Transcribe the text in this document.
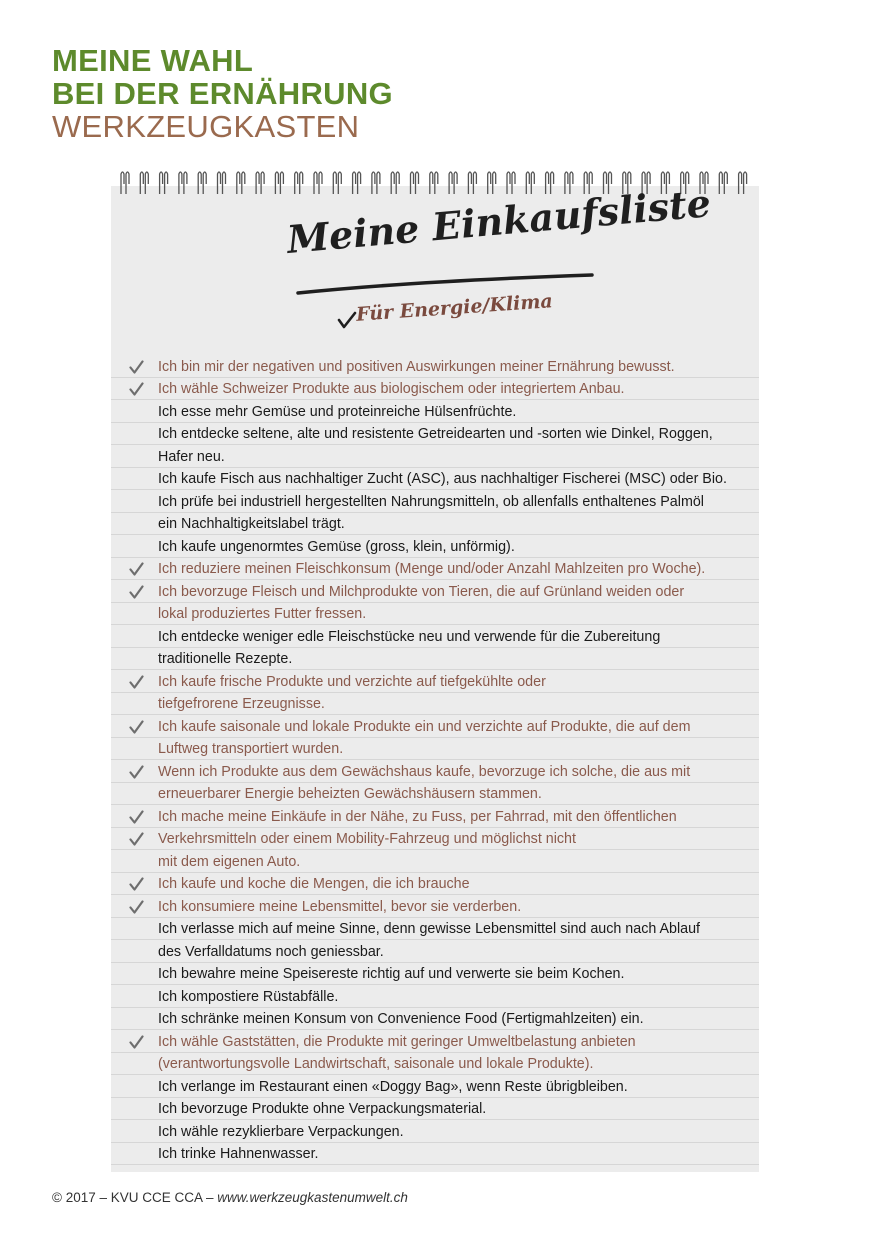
MEINE WAHL
BEI DER ERNÄHRUNG
WERKZEUGKASTEN
Meine Einkaufsliste
Für Energie/Klima
Ich bin mir der negativen und positiven Auswirkungen meiner Ernährung bewusst.
Ich wähle Schweizer Produkte aus biologischem oder integriertem Anbau.
Ich esse mehr Gemüse und proteinreiche Hülsenfrüchte.
Ich entdecke seltene, alte und resistente Getreidearten und -sorten wie Dinkel, Roggen,
Hafer neu.
Ich kaufe Fisch aus nachhaltiger Zucht (ASC), aus nachhaltiger Fischerei (MSC) oder Bio.
Ich prüfe bei industriell hergestellten Nahrungsmitteln, ob allenfalls enthaltenes Palmöl
ein Nachhaltigkeitslabel trägt.
Ich kaufe ungenormtes Gemüse (gross, klein, unförmig).
Ich reduziere meinen Fleischkonsum (Menge und/oder Anzahl Mahlzeiten pro Woche).
Ich bevorzuge Fleisch und Milchprodukte von Tieren, die auf Grünland weiden oder
lokal produziertes Futter fressen.
Ich entdecke weniger edle Fleischstücke neu und verwende für die Zubereitung
traditionelle Rezepte.
Ich kaufe frische Produkte und verzichte auf tiefgekühlte oder
tiefgefrorene Erzeugnisse.
Ich kaufe saisonale und lokale Produkte ein und verzichte auf Produkte, die auf dem
Luftweg transportiert wurden.
Wenn ich Produkte aus dem Gewächshaus kaufe, bevorzuge ich solche, die aus mit
erneuerbarer Energie beheizten Gewächshäusern stammen.
Ich mache meine Einkäufe in der Nähe, zu Fuss, per Fahrrad, mit den öffentlichen
Verkehrsmitteln oder einem Mobility-Fahrzeug und möglichst nicht
mit dem eigenen Auto.
Ich kaufe und koche die Mengen, die ich brauche
Ich konsumiere meine Lebensmittel, bevor sie verderben.
Ich verlasse mich auf meine Sinne, denn gewisse Lebensmittel sind auch nach Ablauf
des Verfalldatums noch geniessbar.
Ich bewahre meine Speisereste richtig auf und verwerte sie beim Kochen.
Ich kompostiere Rüstabfälle.
Ich schränke meinen Konsum von Convenience Food (Fertigmahlzeiten) ein.
Ich wähle Gaststätten, die Produkte mit geringer Umweltbelastung anbieten
(verantwortungsvolle Landwirtschaft, saisonale und lokale Produkte).
Ich verlange im Restaurant einen «Doggy Bag», wenn Reste übrigbleiben.
Ich bevorzuge Produkte ohne Verpackungsmaterial.
Ich wähle rezyklierbare Verpackungen.
Ich trinke Hahnenwasser.
© 2017 – KVU CCE CCA – www.werkzeugkastenumwelt.ch
